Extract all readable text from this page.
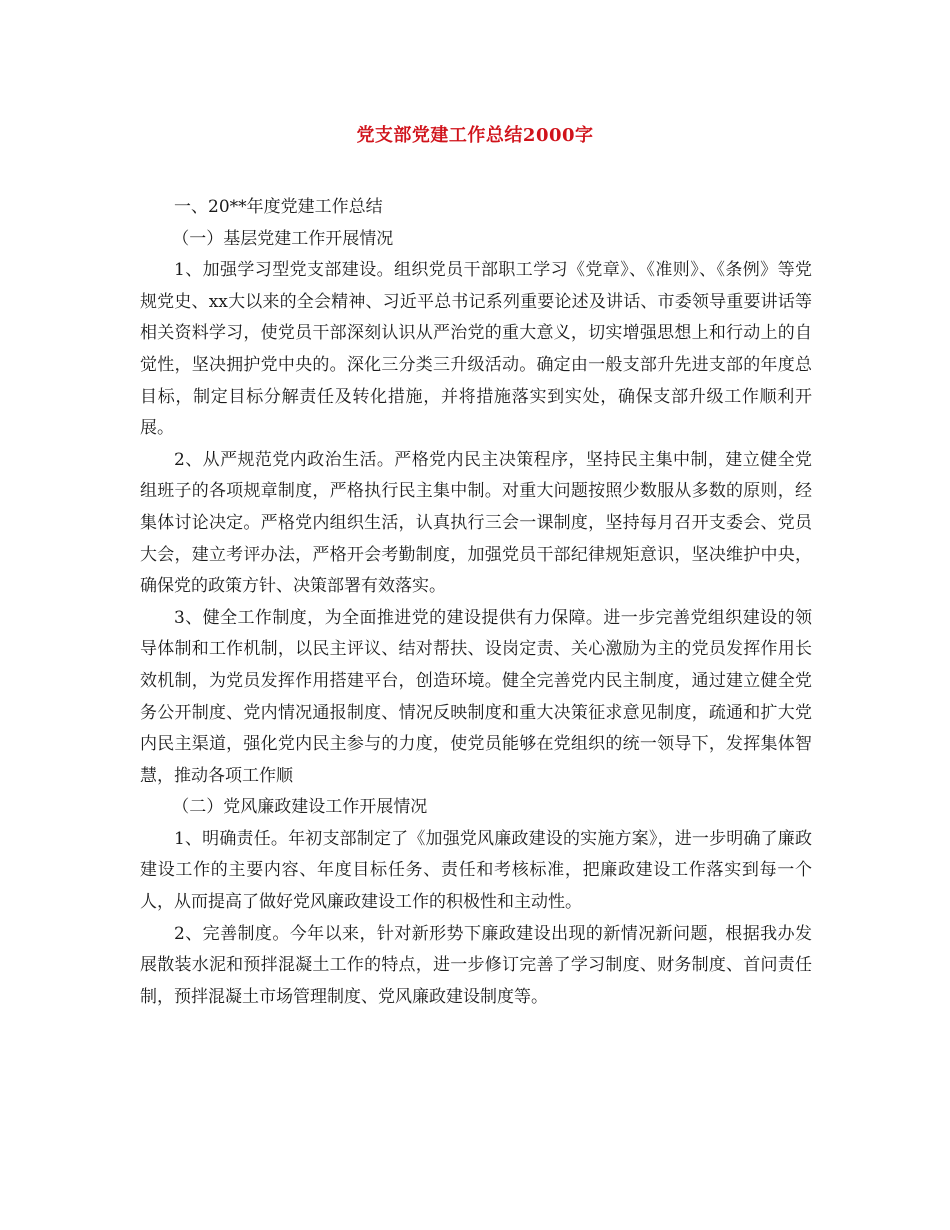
党支部党建工作总结2000字

一、20**年度党建工作总结

（一）基层党建工作开展情况

1、加强学习型党支部建设。组织党员干部职工学习《党章》、《准则》、《条例》等党规党史、xx大以来的全会精神、习近平总书记系列重要论述及讲话、市委领导重要讲话等相关资料学习，使党员干部深刻认识从严治党的重大意义，切实增强思想上和行动上的自觉性，坚决拥护党中央的。深化三分类三升级活动。确定由一般支部升先进支部的年度总目标，制定目标分解责任及转化措施，并将措施落实到实处，确保支部升级工作顺利开展。

2、从严规范党内政治生活。严格党内民主决策程序，坚持民主集中制，建立健全党组班子的各项规章制度，严格执行民主集中制。对重大问题按照少数服从多数的原则，经集体讨论决定。严格党内组织生活，认真执行三会一课制度，坚持每月召开支委会、党员大会，建立考评办法，严格开会考勤制度，加强党员干部纪律规矩意识，坚决维护中央，确保党的政策方针、决策部署有效落实。

3、健全工作制度，为全面推进党的建设提供有力保障。进一步完善党组织建设的领导体制和工作机制，以民主评议、结对帮扶、设岗定责、关心激励为主的党员发挥作用长效机制，为党员发挥作用搭建平台，创造环境。健全完善党内民主制度，通过建立健全党务公开制度、党内情况通报制度、情况反映制度和重大决策征求意见制度，疏通和扩大党内民主渠道，强化党内民主参与的力度，使党员能够在党组织的统一领导下，发挥集体智慧，推动各项工作顺

（二）党风廉政建设工作开展情况

1、明确责任。年初支部制定了《加强党风廉政建设的实施方案》，进一步明确了廉政建设工作的主要内容、年度目标任务、责任和考核标准，把廉政建设工作落实到每一个人，从而提高了做好党风廉政建设工作的积极性和主动性。

2、完善制度。今年以来，针对新形势下廉政建设出现的新情况新问题，根据我办发展散装水泥和预拌混凝土工作的特点，进一步修订完善了学习制度、财务制度、首问责任制，预拌混凝土市场管理制度、党风廉政建设制度等。
